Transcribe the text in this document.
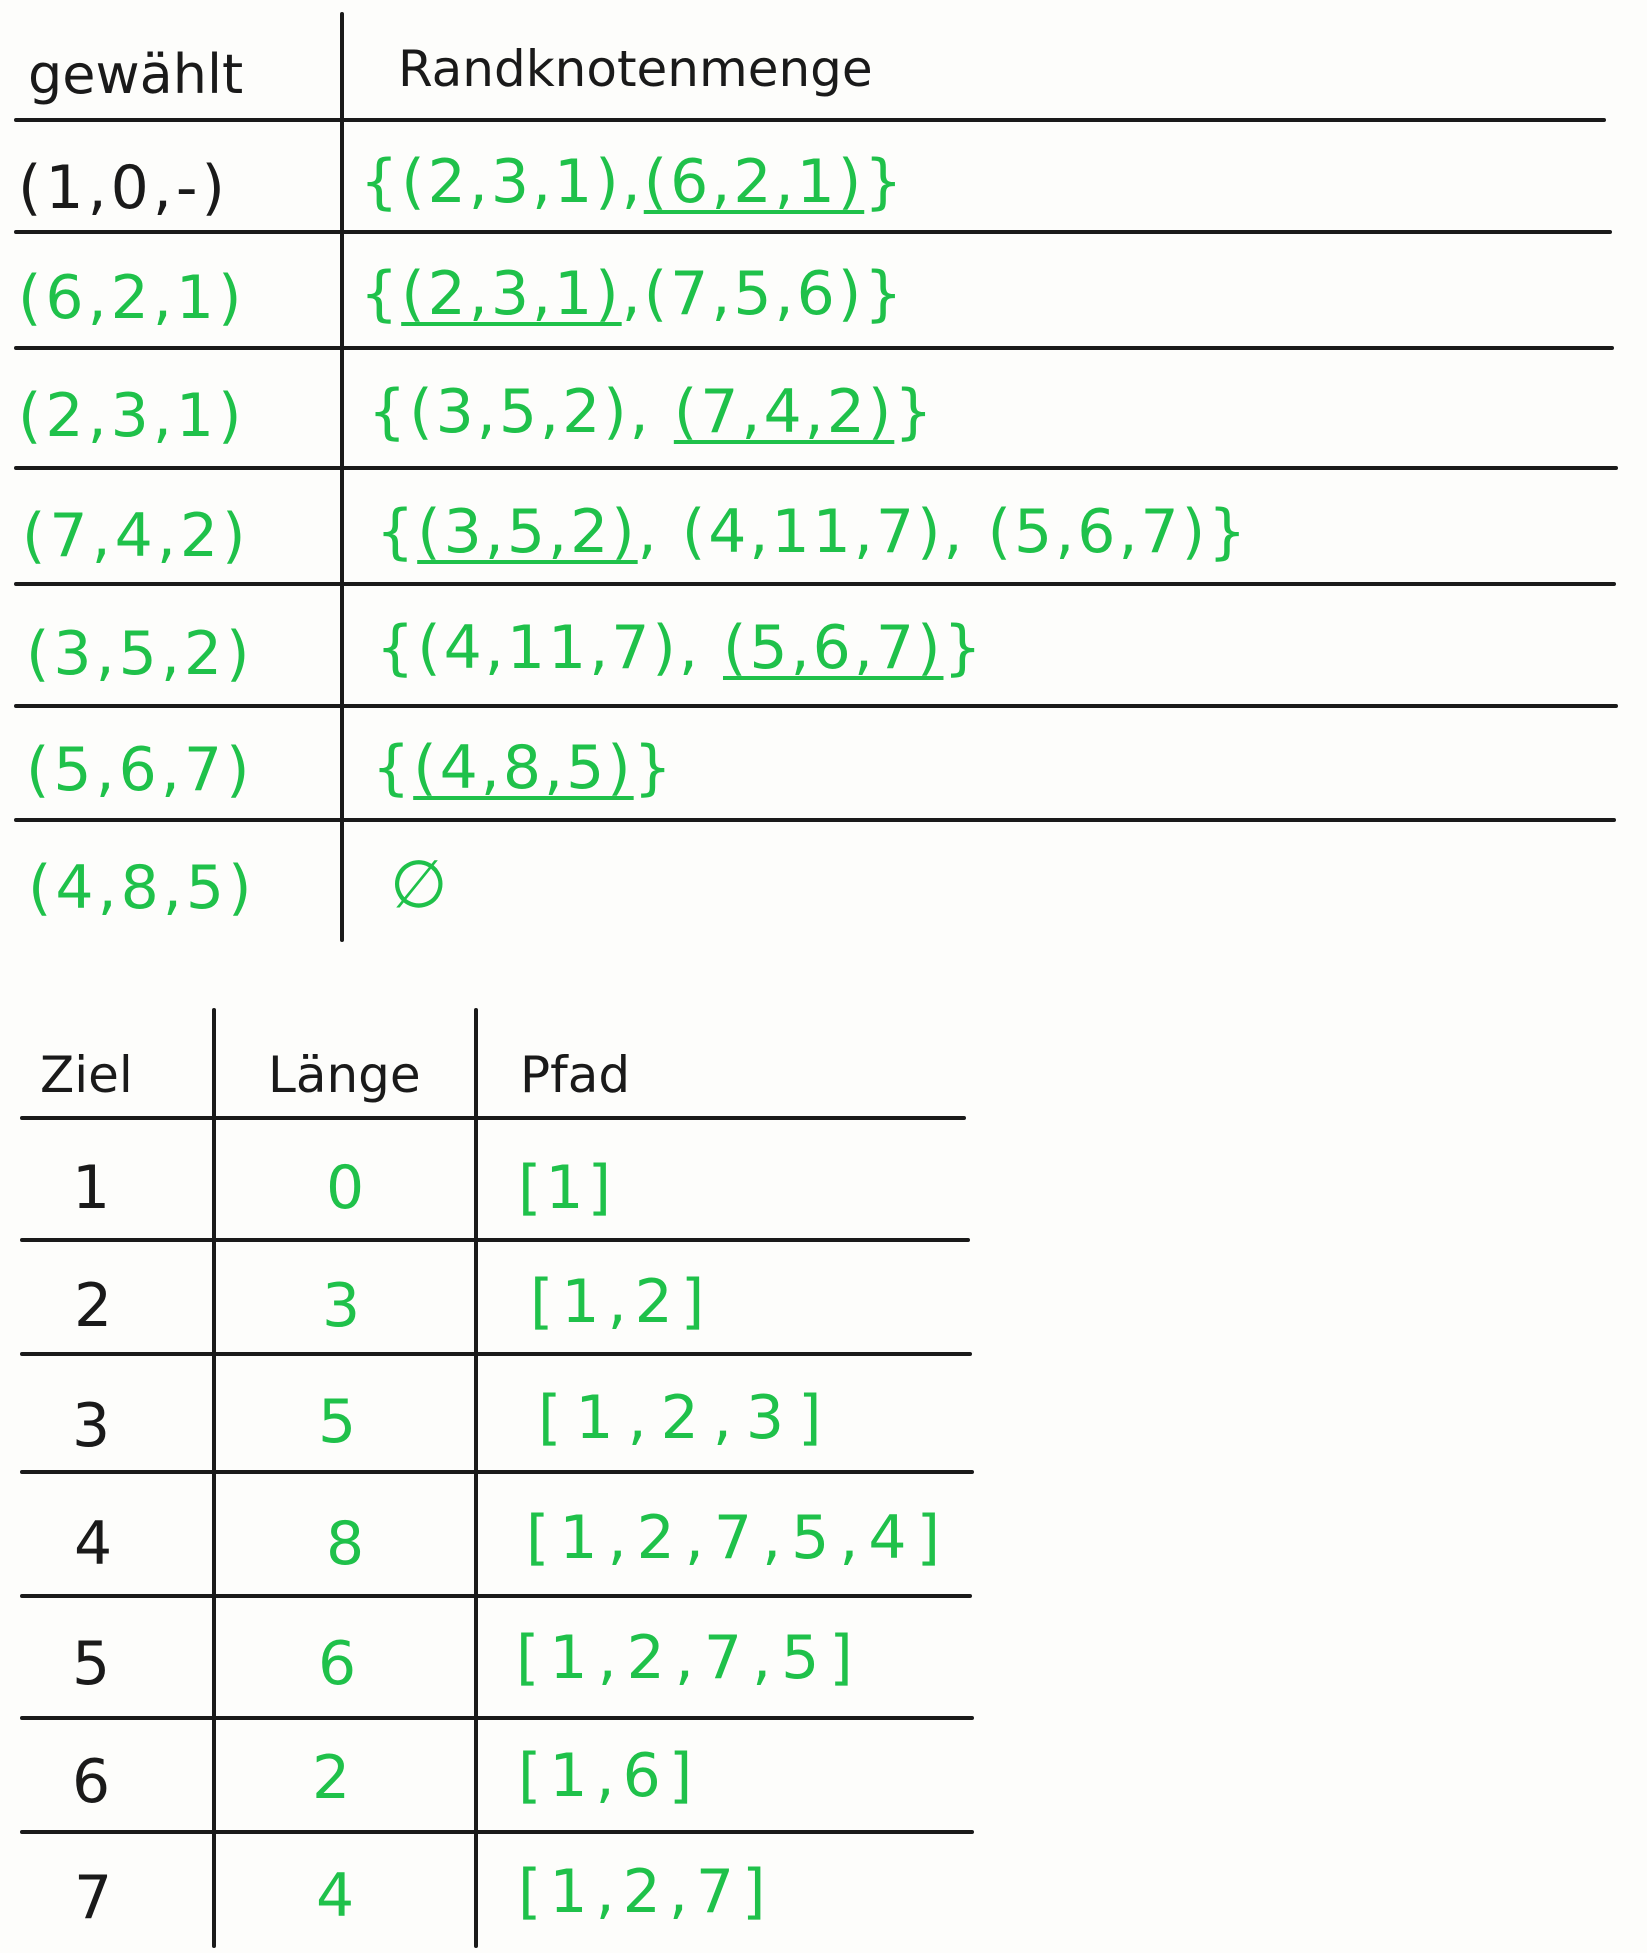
gewählt	Randknotenmenge
(1,0,-) { (2,3,1) , (6,2,1) }
(6,2,1) { (2,3,1) , (7,5,6) }
(2,3,1) { (3,5,2) , (7,4,2) }
(7,4,2) { (3,5,2) , (4,11,7) , (5,6,7) }
(3,5,2) { (4,11,7) , (5,6,7) }
(5,6,7) { (4,8,5) }
(4,8,5) ∅
Ziel	Länge Pfad
1	0	[1]
2	3	[1,2]
3	5	[1,2,3]
4	8	[1,2,7,5,4]
5	6	[1,2,7,5]
6	2	[1,6]
7	4	[1,2,7]
